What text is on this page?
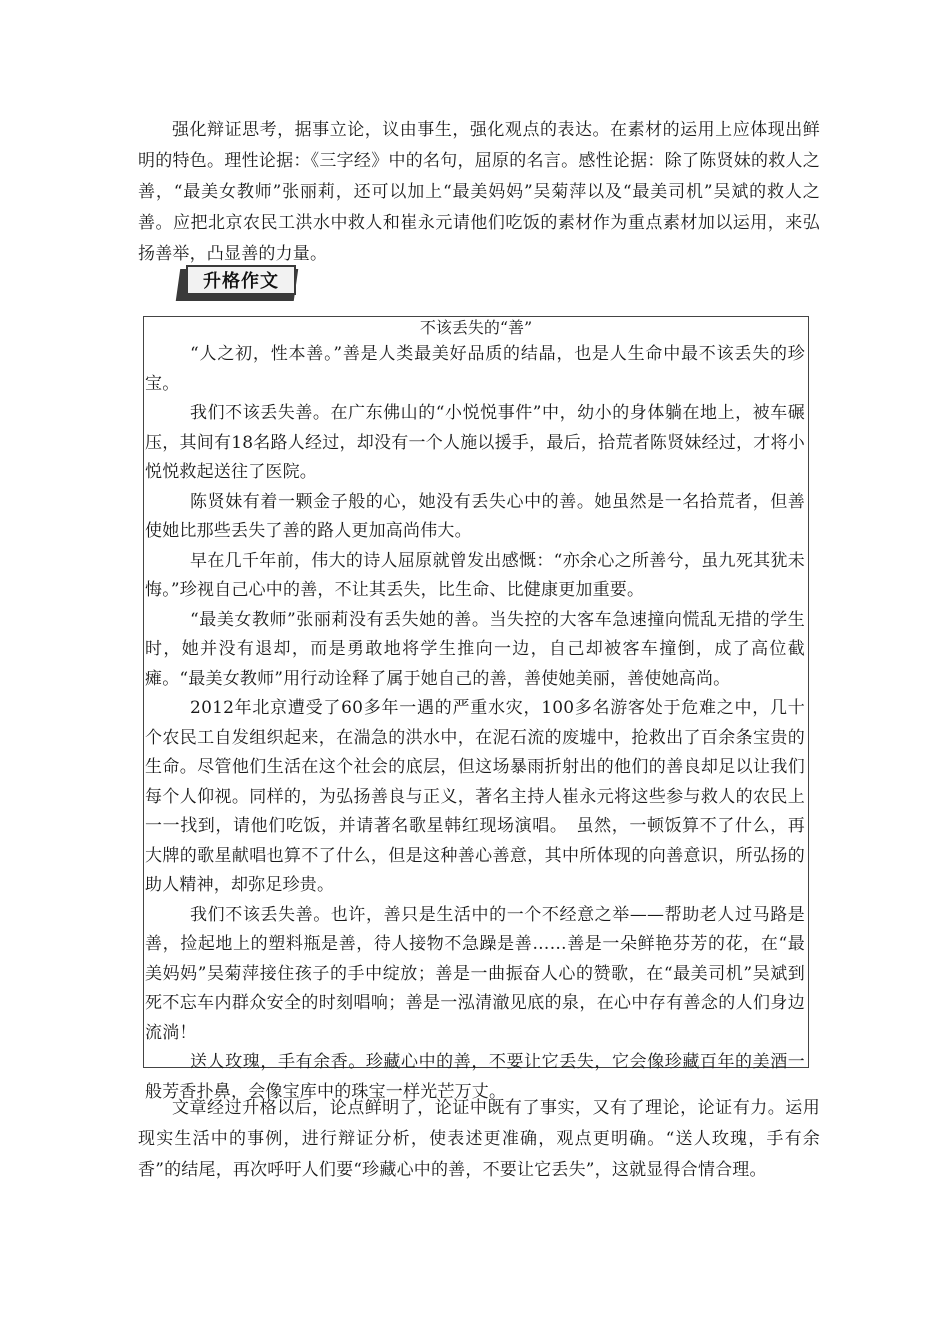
强化辩证思考，据事立论，议由事生，强化观点的表达。在素材的运用上应体现出鲜明的特色。理性论据：《三字经》中的名句，屈原的名言。感性论据：除了陈贤妹的救人之善，“最美女教师”张丽莉，还可以加上“最美妈妈”吴菊萍以及“最美司机”吴斌的救人之善。应把北京农民工洪水中救人和崔永元请他们吃饭的素材作为重点素材加以运用，来弘扬善举，凸显善的力量。

升格作文
不该丢失的“善”

“人之初，性本善。”善是人类最美好品质的结晶，也是人生命中最不该丢失的珍宝。

我们不该丢失善。在广东佛山的“小悦悦事件”中，幼小的身体躺在地上，被车碾压，其间有18名路人经过，却没有一个人施以援手，最后，拾荒者陈贤妹经过，才将小悦悦救起送往了医院。

陈贤妹有着一颗金子般的心，她没有丢失心中的善。她虽然是一名拾荒者，但善使她比那些丢失了善的路人更加高尚伟大。

早在几千年前，伟大的诗人屈原就曾发出感慨：“亦余心之所善兮，虽九死其犹未悔。”珍视自己心中的善，不让其丢失，比生命、比健康更加重要。

“最美女教师”张丽莉没有丢失她的善。当失控的大客车急速撞向慌乱无措的学生时，她并没有退却，而是勇敢地将学生推向一边，自己却被客车撞倒，成了高位截瘫。“最美女教师”用行动诠释了属于她自己的善，善使她美丽，善使她高尚。

2012年北京遭受了60多年一遇的严重水灾，100多名游客处于危难之中，几十个农民工自发组织起来，在湍急的洪水中，在泥石流的废墟中，抢救出了百余条宝贵的生命。尽管他们生活在这个社会的底层，但这场暴雨折射出的他们的善良却足以让我们每个人仰视。同样的，为弘扬善良与正义，著名主持人崔永元将这些参与救人的农民上一一找到，请他们吃饭，并请著名歌星韩红现场演唱。　虽然，一顿饭算不了什么，再大牌的歌星献唱也算不了什么，但是这种善心善意，其中所体现的向善意识，所弘扬的助人精神，却弥足珍贵。

我们不该丢失善。也许，善只是生活中的一个不经意之举——帮助老人过马路是善，捡起地上的塑料瓶是善，待人接物不急躁是善……善是一朵鲜艳芬芳的花，在“最美妈妈”吴菊萍接住孩子的手中绽放；善是一曲振奋人心的赞歌，在“最美司机”吴斌到死不忘车内群众安全的时刻唱响；善是一泓清澈见底的泉，在心中存有善念的人们身边流淌！

送人玫瑰，手有余香。珍藏心中的善，不要让它丢失，它会像珍藏百年的美酒一般芳香扑鼻，会像宝库中的珠宝一样光芒万丈。

文章经过升格以后，论点鲜明了，论证中既有了事实，又有了理论，论证有力。运用现实生活中的事例，进行辩证分析，使表述更准确，观点更明确。“送人玫瑰，手有余香”的结尾，再次呼吁人们要“珍藏心中的善，不要让它丢失”，这就显得合情合理。
